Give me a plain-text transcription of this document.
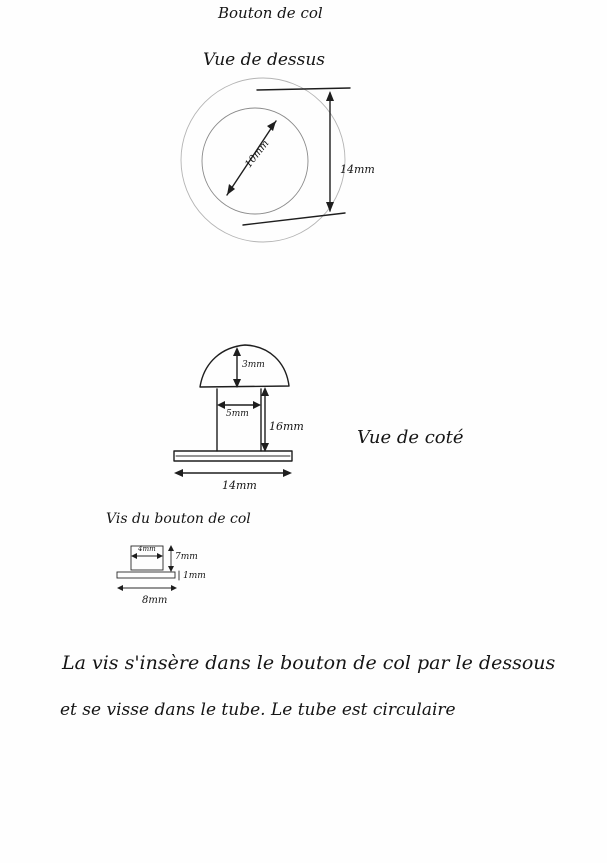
Bouton de col
Vue de dessus
10mm	14mm
3mm
5mm
16mm
14mm
Vue de coté
Vis du bouton de col
4mm
7mm
1mm
8mm
La vis s'insère dans le bouton de col par le dessous
et se visse dans le tube. Le tube est circulaire
